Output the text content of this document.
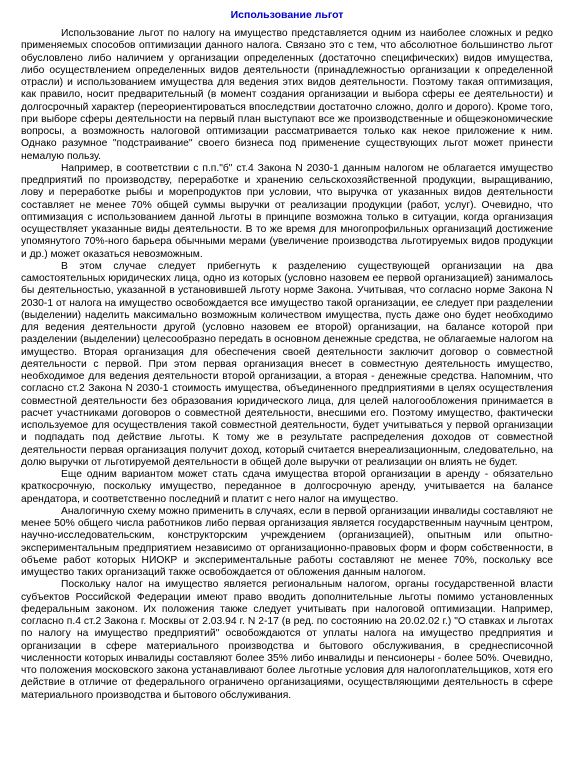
Использование льгот

Использование льгот по налогу на имущество представляется одним из наиболее сложных и редко применяемых способов оптимизации данного налога. Связано это с тем, что абсолютное большинство льгот обусловлено либо наличием у организации определенных (достаточно специфических) видов имущества, либо осуществлением определенных видов деятельности (принадлежностью организации к определенной отрасли) и использованием имущества для ведения этих видов деятельности. Поэтому такая оптимизация, как правило, носит предварительный (в момент создания организации и выбора сферы ее деятельности) и долгосрочный характер (переориентироваться впоследствии достаточно сложно, долго и дорого). Кроме того, при выборе сферы деятельности на первый план выступают все же производственные и общеэкономические вопросы, а возможность налоговой оптимизации рассматривается только как некое приложение к ним. Однако разумное "подстраивание" своего бизнеса под применение существующих льгот может принести немалую пользу.

Например, в соответствии с п.п."б" ст.4 Закона N 2030-1 данным налогом не облагается имущество предприятий по производству, переработке и хранению сельскохозяйственной продукции, выращиванию, лову и переработке рыбы и морепродуктов при условии, что выручка от указанных видов деятельности составляет не менее 70% общей суммы выручки от реализации продукции (работ, услуг). Очевидно, что оптимизация с использованием данной льготы в принципе возможна только в ситуации, когда организация осуществляет указанные виды деятельности. В то же время для многопрофильных организаций достижение упомянутого 70%-ного барьера обычными мерами (увеличение производства льготируемых видов продукции и др.) может оказаться невозможным.

В этом случае следует прибегнуть к разделению существующей организации на два самостоятельных юридических лица, одно из которых (условно назовем ее первой организацией) занималось бы деятельностью, указанной в установившей льготу норме Закона. Учитывая, что согласно норме Закона N 2030-1 от налога на имущество освобождается все имущество такой организации, ее следует при разделении (выделении) наделить максимально возможным количеством имущества, пусть даже оно будет необходимо для ведения деятельности другой (условно назовем ее второй) организации, на балансе которой при разделении (выделении) целесообразно передать в основном денежные средства, не облагаемые налогом на имущество. Вторая организация для обеспечения своей деятельности заключит договор о совместной деятельности с первой. При этом первая организация внесет в совместную деятельность имущество, необходимое для ведения деятельности второй организации, а вторая - денежные средства. Напомним, что согласно ст.2 Закона N 2030-1 стоимость имущества, объединенного предприятиями в целях осуществления совместной деятельности без образования юридического лица, для целей налогообложения принимается в расчет участниками договоров о совместной деятельности, внесшими его. Поэтому имущество, фактически используемое для осуществления такой совместной деятельности, будет учитываться у первой организации и подпадать под действие льготы. К тому же в результате распределения доходов от совместной деятельности первая организация получит доход, который считается внереализационным, следовательно, на долю выручки от льготируемой деятельности в общей доле выручки от реализации он влиять не будет.

Еще одним вариантом может стать сдача имущества второй организации в аренду - обязательно краткосрочную, поскольку имущество, переданное в долгосрочную аренду, учитывается на балансе арендатора, и соответственно последний и платит с него налог на имущество.

Аналогичную схему можно применить в случаях, если в первой организации инвалиды составляют не менее 50% общего числа работников либо первая организация является государственным научным центром, научно-исследовательским, конструкторским учреждением (организацией), опытным или опытно-экспериментальным предприятием независимо от организационно-правовых форм и форм собственности, в объеме работ которых НИОКР и экспериментальные работы составляют не менее 70%, поскольку все имущество таких организаций также освобождается от обложения данным налогом.

Поскольку налог на имущество является региональным налогом, органы государственной власти субъектов Российской Федерации имеют право вводить дополнительные льготы помимо установленных федеральным законом. Их положения также следует учитывать при налоговой оптимизации. Например, согласно п.4 ст.2 Закона г. Москвы от 2.03.94 г. N 2-17 (в ред. по состоянию на 20.02.02 г.) "О ставках и льготах по налогу на имущество предприятий" освобождаются от уплаты налога на имущество предприятия и организации в сфере материального производства и бытового обслуживания, в среднесписочной численности которых инвалиды составляют более 35% либо инвалиды и пенсионеры - более 50%. Очевидно, что положения московского закона устанавливают более льготные условия для налогоплательщиков, хотя его действие в отличие от федерального ограничено организациями, осуществляющими деятельность в сфере материального производства и бытового обслуживания.
